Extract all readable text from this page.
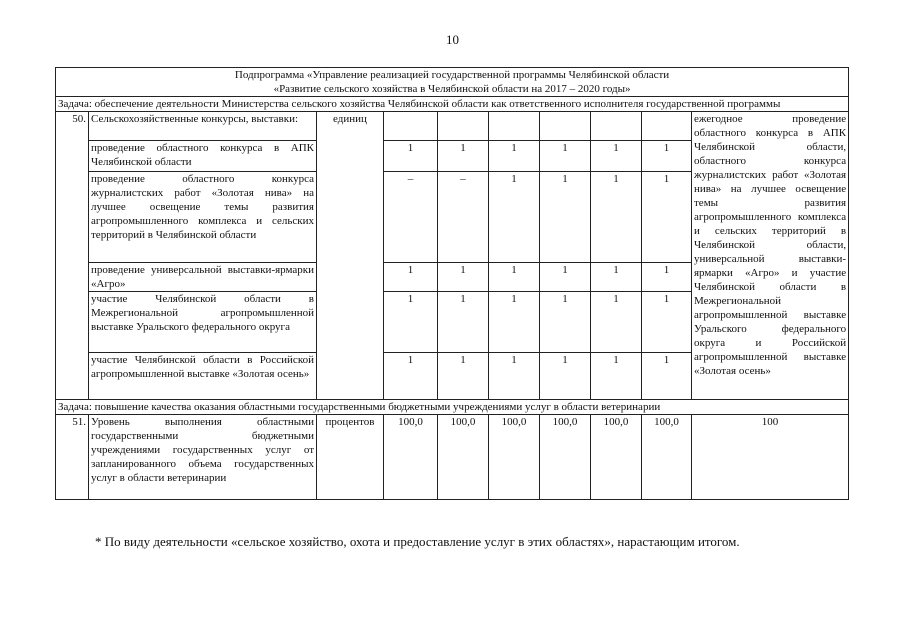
10
Подпрограмма «Управление реализацией государственной программы Челябинской области
«Развитие сельского хозяйства в Челябинской области на 2017 – 2020 годы»									

Задача: обеспечение деятельности Министерства сельского хозяйства Челябинской области как ответственного исполнителя государственной программы									
50.	Сельскохозяйственные конкурсы, выставки:	единиц							ежегодное проведение областного конкурса в АПК Челябинской области, областного конкурса журналистских работ «Золотая нива» на лучшее освещение темы развития агропромышленного комплекса и сельских территорий в Челябинской области, универсальной выставки-ярмарки «Агро» и участие Челябинской области в Межрегиональной агропромышленной выставке Уральского федерального округа и Российской агропромышленной выставке «Золотая осень»
	проведение областного конкурса в АПК Челябинской области		1	1	1	1	1	1	
	проведение областного конкурса журналистских работ «Золотая нива» на лучшее освещение темы развития агропромышленного комплекса и сельских территорий в Челябинской области		–	–	1	1	1	1	
	проведение универсальной выставки-ярмарки «Агро»		1	1	1	1	1	1	
	участие Челябинской области в Межрегиональной агропромышленной выставке Уральского федерального округа		1	1	1	1	1	1	
	участие Челябинской области в Российской агропромышленной выставке «Золотая осень»		1	1	1	1	1	1	
Задача: повышение качества оказания областными государственными бюджетными учреждениями услуг в области ветеринарии									
51.	Уровень выполнения областными государственными бюджетными учреждениями государственных услуг от запланированного объема государственных услуг в области ветеринарии	процентов	100,0	100,0	100,0	100,0	100,0	100,0	100
* По виду деятельности «сельское хозяйство, охота и предоставление услуг в этих областях», нарастающим итогом.
